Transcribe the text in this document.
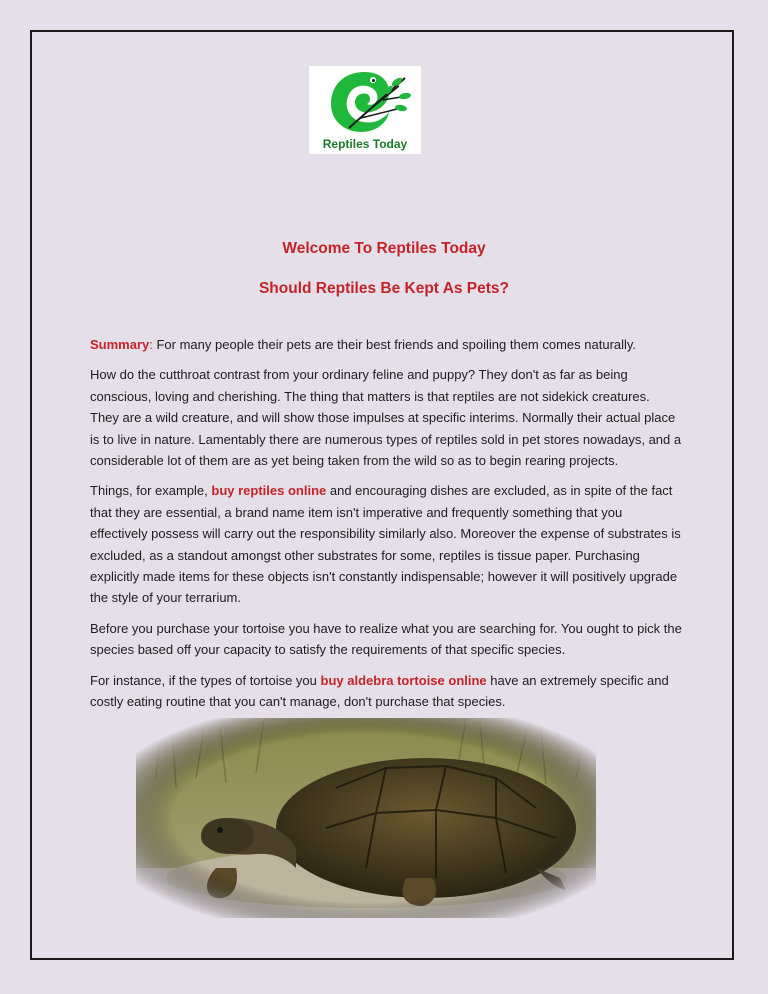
Reptiles Today
Welcome To Reptiles Today
Should Reptiles Be Kept As Pets?

Summary: For many people their pets are their best friends and spoiling them comes naturally.

How do the cutthroat contrast from your ordinary feline and puppy? They don't as far as being conscious, loving and cherishing. The thing that matters is that reptiles are not sidekick creatures. They are a wild creature, and will show those impulses at specific interims. Normally their actual place is to live in nature. Lamentably there are numerous types of reptiles sold in pet stores nowadays, and a considerable lot of them are as yet being taken from the wild so as to begin rearing projects.

Things, for example, buy reptiles online and encouraging dishes are excluded, as in spite of the fact that they are essential, a brand name item isn't imperative and frequently something that you effectively possess will carry out the responsibility similarly also. Moreover the expense of substrates is excluded, as a standout amongst other substrates for some, reptiles is tissue paper. Purchasing explicitly made items for these objects isn't constantly indispensable; however it will positively upgrade the style of your terrarium.

Before you purchase your tortoise you have to realize what you are searching for. You ought to pick the species based off your capacity to satisfy the requirements of that specific species.

For instance, if the types of tortoise you buy aldebra tortoise online have an extremely specific and costly eating routine that you can't manage, don't purchase that species.
